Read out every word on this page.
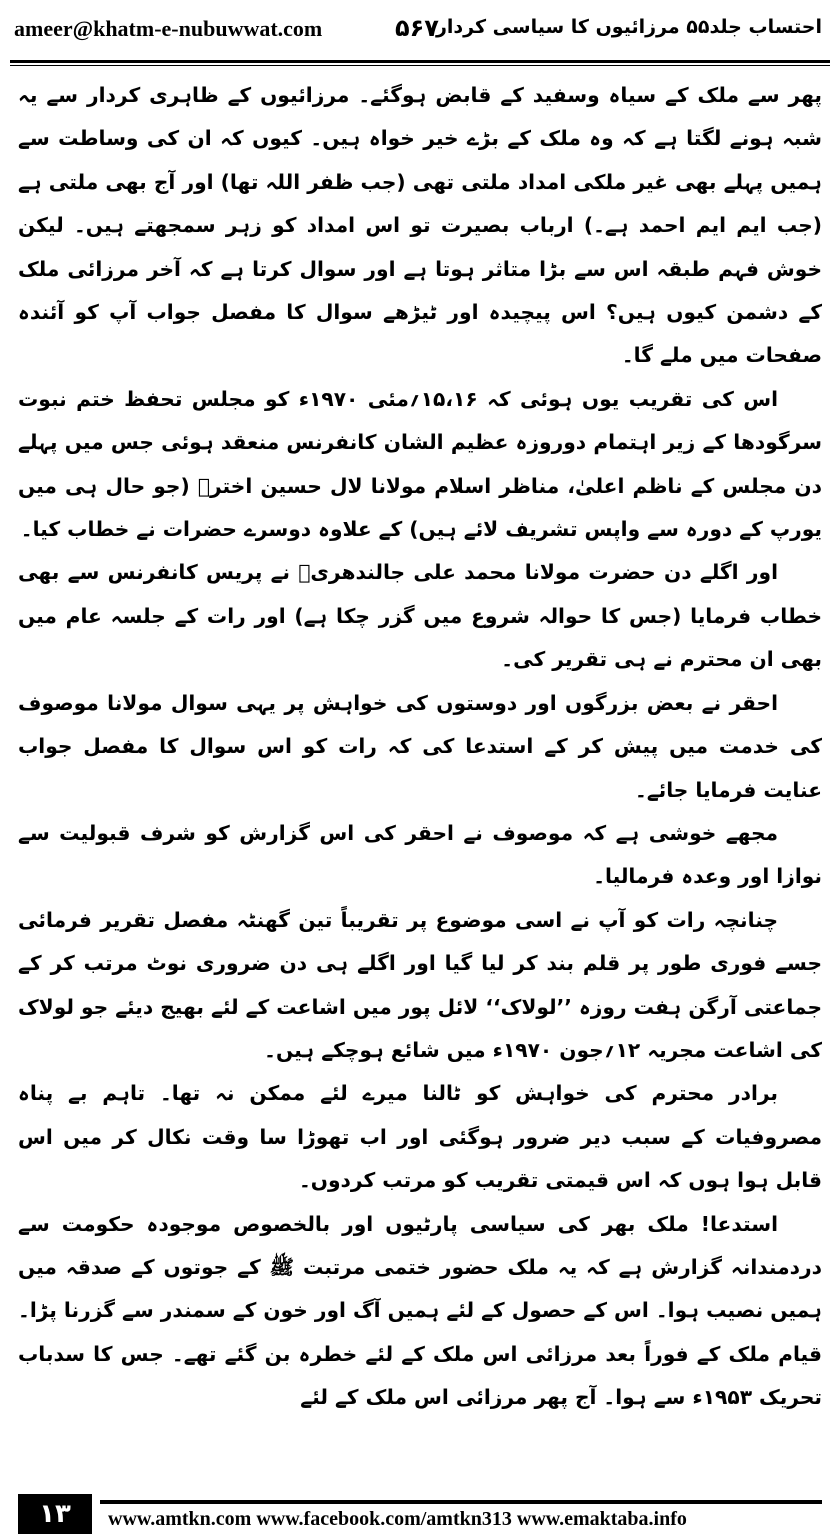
ameer@khatm-e-nubuwwat.com	۵۶۷
احتساب جلد۵۵ مرزائیوں کا سیاسی کردار

پھر سے ملک کے سیاہ وسفید کے قابض ہوگئے۔ مرزائیوں کے ظاہری کردار سے یہ شبہ ہونے لگتا ہے کہ وہ ملک کے بڑے خیر خواہ ہیں۔ کیوں کہ ان کی وساطت سے ہمیں پہلے بھی غیر ملکی امداد ملتی تھی (جب ظفر اللہ تھا) اور آج بھی ملتی ہے (جب ایم ایم احمد ہے۔) ارباب بصیرت تو اس امداد کو زہر سمجھتے ہیں۔ لیکن خوش فہم طبقہ اس سے بڑا متاثر ہوتا ہے اور سوال کرتا ہے کہ آخر مرزائی ملک کے دشمن کیوں ہیں؟ اس پیچیدہ اور ٹیڑھے سوال کا مفصل جواب آپ کو آئندہ صفحات میں ملے گا۔

اس کی تقریب یوں ہوئی کہ ۱۵،۱۶؍مئی ۱۹۷۰ء کو مجلس تحفظ ختم نبوت سرگودھا کے زیر اہتمام دوروزہ عظیم الشان کانفرنس منعقد ہوئی جس میں پہلے دن مجلس کے ناظم اعلیٰ، مناظر اسلام مولانا لال حسین اخترؒ (جو حال ہی میں یورپ کے دورہ سے واپس تشریف لائے ہیں) کے علاوہ دوسرے حضرات نے خطاب کیا۔

اور اگلے دن حضرت مولانا محمد علی جالندھریؒ نے پریس کانفرنس سے بھی خطاب فرمایا (جس کا حوالہ شروع میں گزر چکا ہے) اور رات کے جلسہ عام میں بھی ان محترم نے ہی تقریر کی۔

احقر نے بعض بزرگوں اور دوستوں کی خواہش پر یہی سوال مولانا موصوف کی خدمت میں پیش کر کے استدعا کی کہ رات کو اس سوال کا مفصل جواب عنایت فرمایا جائے۔

مجھے خوشی ہے کہ موصوف نے احقر کی اس گزارش کو شرف قبولیت سے نوازا اور وعدہ فرمالیا۔

چنانچہ رات کو آپ نے اسی موضوع پر تقریباً تین گھنٹہ مفصل تقریر فرمائی جسے فوری طور پر قلم بند کر لیا گیا اور اگلے ہی دن ضروری نوٹ مرتب کر کے جماعتی آرگن ہفت روزہ ’’لولاک‘‘ لائل پور میں اشاعت کے لئے بھیج دیئے جو لولاک کی اشاعت مجریہ ۱۲؍جون ۱۹۷۰ء میں شائع ہوچکے ہیں۔

برادر محترم کی خواہش کو ٹالنا میرے لئے ممکن نہ تھا۔ تاہم بے پناہ مصروفیات کے سبب دیر ضرور ہوگئی اور اب تھوڑا سا وقت نکال کر میں اس قابل ہوا ہوں کہ اس قیمتی تقریب کو مرتب کردوں۔

استدعا! ملک بھر کی سیاسی پارٹیوں اور بالخصوص موجودہ حکومت سے دردمندانہ گزارش ہے کہ یہ ملک حضور ختمی مرتبت ﷺ کے جوتوں کے صدقہ میں ہمیں نصیب ہوا۔ اس کے حصول کے لئے ہمیں آگ اور خون کے سمندر سے گزرنا پڑا۔ قیام ملک کے فوراً بعد مرزائی اس ملک کے لئے خطرہ بن گئے تھے۔ جس کا سدباب تحریک ۱۹۵۳ء سے ہوا۔ آج پھر مرزائی اس ملک کے لئے

۱۳	www.amtkn.com www.facebook.com/amtkn313 www.emaktaba.info
